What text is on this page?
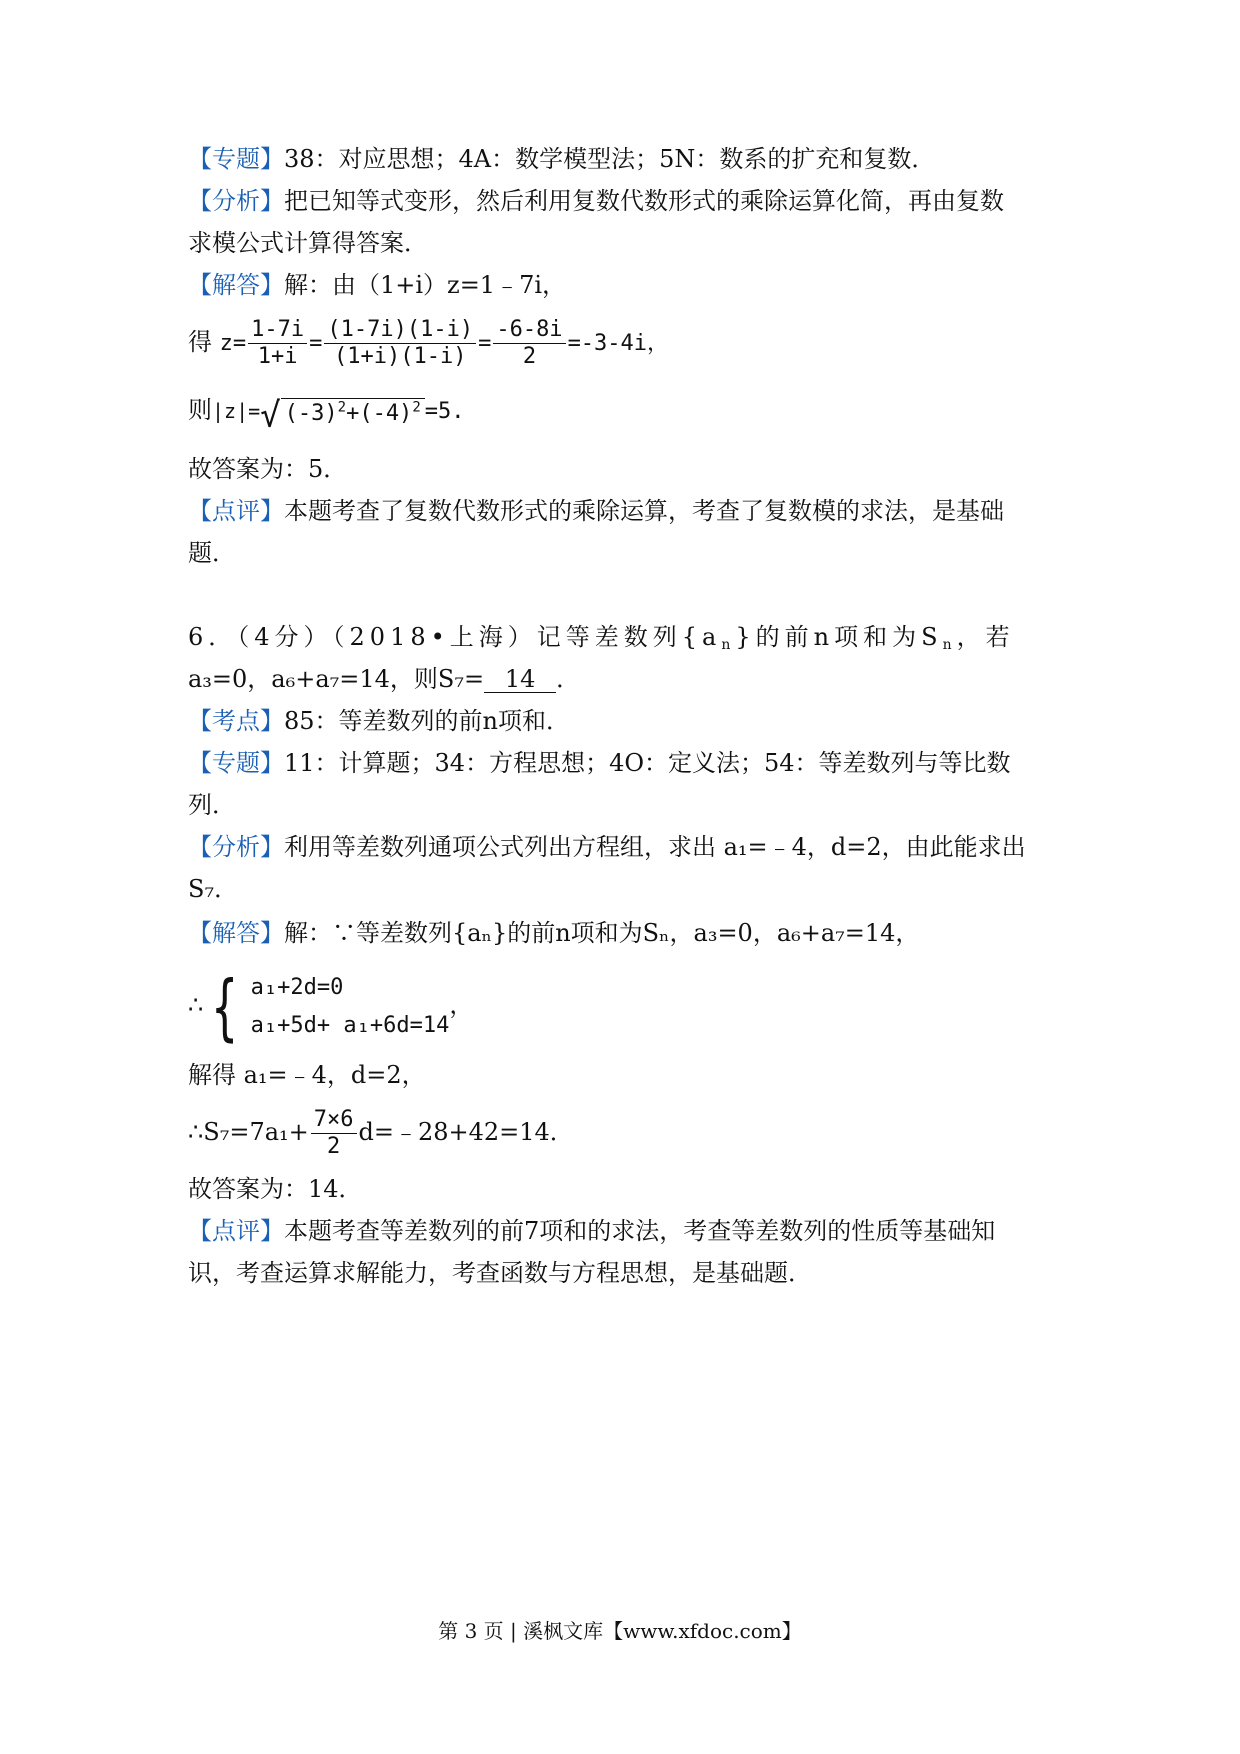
【专题】38：对应思想；4A：数学模型法；5N：数系的扩充和复数．
【分析】把已知等式变形，然后利用复数代数形式的乘除运算化简，再由复数
求模公式计算得答案．
【解答】解：由（1+i）z=1﹣7i，
得 $z= \frac{1-7i}{1+i} = \frac{(1-7i)(1-i)}{(1+i)(1-i)} = \frac{-6-8i}{2} =-3-4i$，
则|z|=√ $(-3)^2+(-4)^2 =5$.
故答案为：5．
【点评】本题考查了复数代数形式的乘除运算，考查了复数模的求法，是基础
题．
6．（4分）（2018•上海）记等差数列$\{a_n\}$的前n项和为$S_n$，若
a₃=0，a₆+a₇=14，则S₇= 14 ．
【考点】85：等差数列的前n项和．
【专题】11：计算题；34：方程思想；4O：定义法；54：等差数列与等比数
列．
【分析】利用等差数列通项公式列出方程组，求出 a₁=﹣4，d=2，由此能求出
S₇．
【解答】解：∵等差数列{aₙ}的前n项和为Sₙ，a₃=0，a₆+a₇=14，
∴ { a₁+2d=0
a₁+5d+ a₁+6d=14
，
解得 a₁=﹣4，d=2，
∴S₇=7a₁+ $\frac{7\times 6}{2}$ d=﹣28+42=14．
故答案为：14．
【点评】本题考查等差数列的前7项和的求法，考查等差数列的性质等基础知
识，考查运算求解能力，考查函数与方程思想，是基础题．
第 3 页 | 溪枫文库【www.xfdoc.com】
